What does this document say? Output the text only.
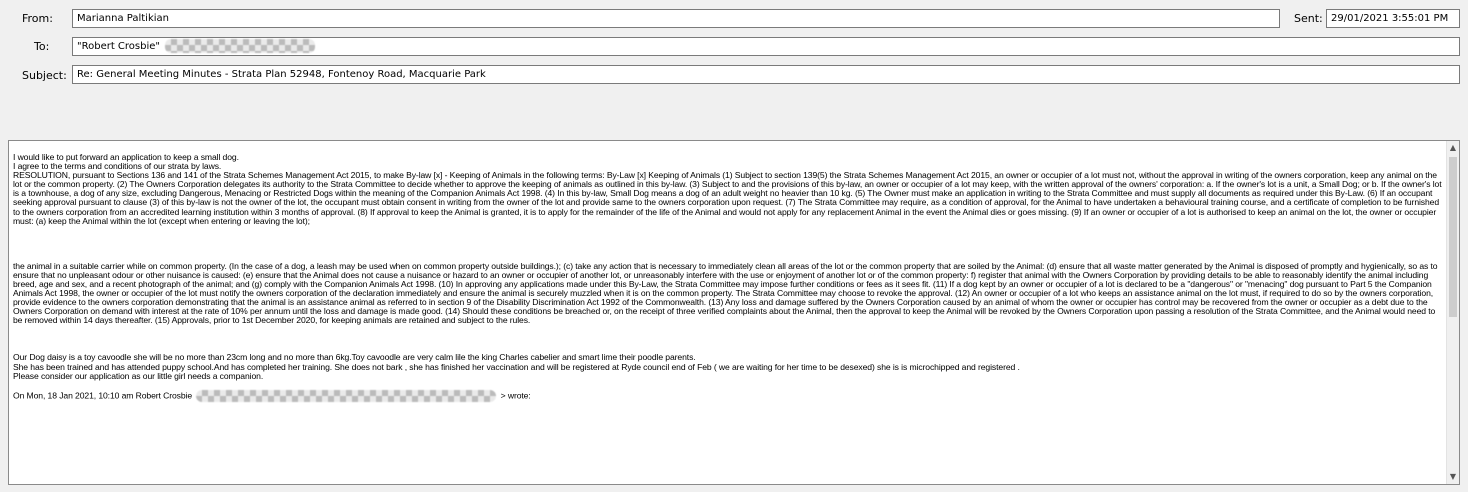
From:	Marianna Paltikian	Sent: 29/01/2021 3:55:01 PM
To:	"Robert Crosbie"
Subject:	Re: General Meeting Minutes - Strata Plan 52948, Fontenoy Road, Macquarie Park

I would like to put forward an application to keep a small dog.

I agree to the terms and conditions of our strata by laws.

RESOLUTION, pursuant to Sections 136 and 141 of the Strata Schemes Management Act 2015, to make By-law [x] - Keeping of Animals in the following terms: By-Law [x] Keeping of Animals (1) Subject to section 139(5) the Strata Schemes Management Act 2015, an owner or occupier of a lot must not, without the approval in writing of the owners corporation, keep any animal on the lot or the common property. (2) The Owners Corporation delegates its authority to the Strata Committee to decide whether to approve the keeping of animals as outlined in this by-law. (3) Subject to and the provisions of this by-law, an owner or occupier of a lot may keep, with the written approval of the owners' corporation: a. If the owner's lot is a unit, a Small Dog; or b. If the owner's lot is a townhouse, a dog of any size, excluding Dangerous, Menacing or Restricted Dogs within the meaning of the Companion Animals Act 1998. (4) In this by-law, Small Dog means a dog of an adult weight no heavier than 10 kg. (5) The Owner must make an application in writing to the Strata Committee and must supply all documents as required under this By-Law. (6) If an occupant seeking approval pursuant to clause (3) of this by-law is not the owner of the lot, the occupant must obtain consent in writing from the owner of the lot and provide same to the owners corporation upon request. (7) The Strata Committee may require, as a condition of approval, for the Animal to have undertaken a behavioural training course, and a certificate of completion to be furnished to the owners corporation from an accredited learning institution within 3 months of approval. (8) If approval to keep the Animal is granted, it is to apply for the remainder of the life of the Animal and would not apply for any replacement Animal in the event the Animal dies or goes missing. (9) If an owner or occupier of a lot is authorised to keep an animal on the lot, the owner or occupier must: (a) keep the Animal within the lot (except when entering or leaving the lot);

the animal in a suitable carrier while on common property. (In the case of a dog, a leash may be used when on common property outside buildings.); (c) take any action that is necessary to immediately clean all areas of the lot or the common property that are soiled by the Animal: (d) ensure that all waste matter generated by the Animal is disposed of promptly and hygienically, so as to ensure that no unpleasant odour or other nuisance is caused: (e) ensure that the Animal does not cause a nuisance or hazard to an owner or occupier of another lot, or unreasonably interfere with the use or enjoyment of another lot or of the common property: f) register that animal with the Owners Corporation by providing details to be able to reasonably identify the animal including breed, age and sex, and a recent photograph of the animal; and (g) comply with the Companion Animals Act 1998. (10) In approving any applications made under this By-Law, the Strata Committee may impose further conditions or fees as it sees fit. (11) If a dog kept by an owner or occupier of a lot is declared to be a "dangerous" or "menacing" dog pursuant to Part 5 the Companion Animals Act 1998, the owner or occupier of the lot must notify the owners corporation of the declaration immediately and ensure the animal is securely muzzled when it is on the common property. The Strata Committee may choose to revoke the approval. (12) An owner or occupier of a lot who keeps an assistance animal on the lot must, if required to do so by the owners corporation, provide evidence to the owners corporation demonstrating that the animal is an assistance animal as referred to in section 9 of the Disability Discrimination Act 1992 of the Commonwealth. (13) Any loss and damage suffered by the Owners Corporation caused by an animal of whom the owner or occupier has control may be recovered from the owner or occupier as a debt due to the Owners Corporation on demand with interest at the rate of 10% per annum until the loss and damage is made good. (14) Should these conditions be breached or, on the receipt of three verified complaints about the Animal, then the approval to keep the Animal will be revoked by the Owners Corporation upon passing a resolution of the Strata Committee, and the Animal would need to be removed within 14 days thereafter. (15) Approvals, prior to 1st December 2020, for keeping animals are retained and subject to the rules.

Our Dog daisy is a toy cavoodle she will be no more than 23cm long and no more than 6kg.Toy cavoodle are very calm lile the king Charles cabelier and smart lime their poodle parents.

She has been trained and has attended puppy school.And has completed her training. She does not bark , she has finished her vaccination and will be registered at Ryde council end of Feb ( we are waiting for her time to be desexed) she is is microchipped and registered .

Please consider our application as our little girl needs a companion.

On Mon, 18 Jan 2021, 10:10 am Robert Crosbie	> wrote:

▲
▼
